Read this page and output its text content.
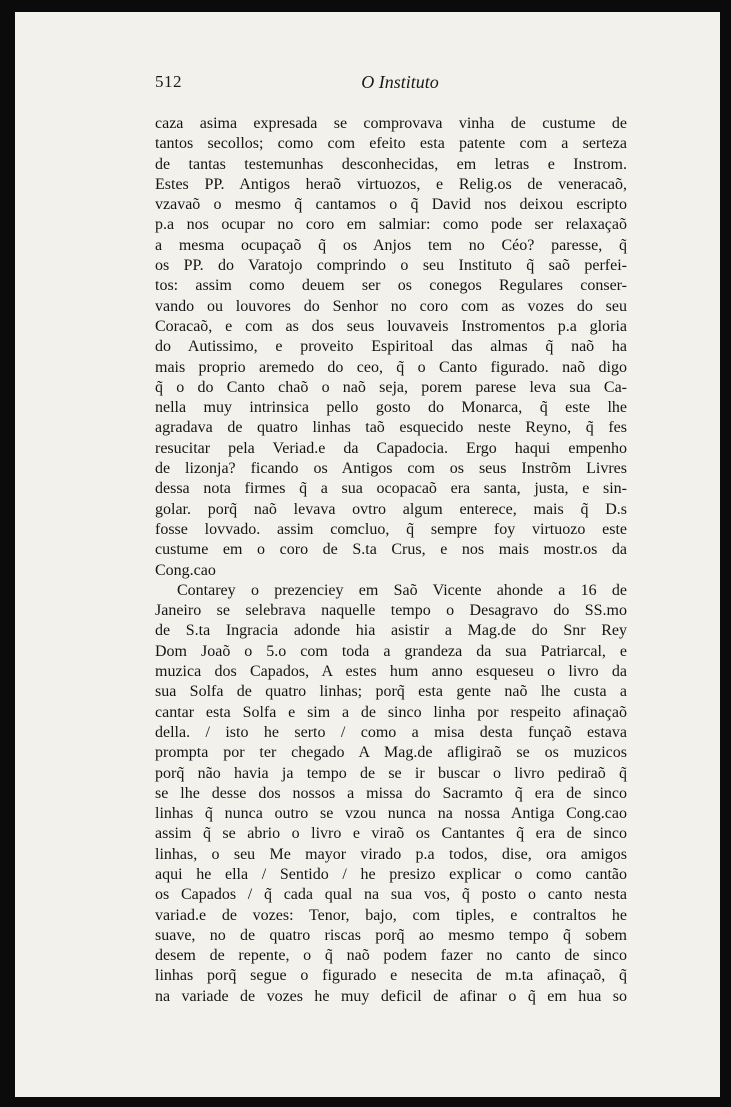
512	O Instituto
caza asima expresada se comprovava vinha de custume de
tantos secollos; como com efeito esta patente com a serteza
de tantas testemunhas desconhecidas, em letras e Instrom.
Estes PP. Antigos heraõ virtuozos, e Relig.os de veneracaõ,
vzavaõ o mesmo q̃ cantamos o q̃ David nos deixou escripto
p.a nos ocupar no coro em salmiar: como pode ser relaxaçaõ
a mesma ocupaçaõ q̃ os Anjos tem no Céo? paresse, q̃
os PP. do Varatojo comprindo o seu Instituto q̃ saõ perfei-
tos: assim como deuem ser os conegos Regulares conser-
vando ou louvores do Senhor no coro com as vozes do seu
Coracaõ, e com as dos seus louvaveis Instromentos p.a gloria
do Autissimo, e proveito Espiritoal das almas q̃ naõ ha
mais proprio aremedo do ceo, q̃ o Canto figurado. naõ digo
q̃ o do Canto chaõ o naõ seja, porem parese leva sua Ca-
nella muy intrinsica pello gosto do Monarca, q̃ este lhe
agradava de quatro linhas taõ esquecido neste Reyno, q̃ fes
resucitar pela Veriad.e da Capadocia. Ergo haqui empenho
de lizonja? ficando os Antigos com os seus Instrõm Livres
dessa nota firmes q̃ a sua ocopacaõ era santa, justa, e sin-
golar. porq̃ naõ levava ovtro algum enterece, mais q̃ D.s
fosse lovvado. assim comcluo, q̃ sempre foy virtuozo este
custume em o coro de S.ta Crus, e nos mais mostr.os da
Cong.cao
Contarey o prezenciey em Saõ Vicente ahonde a 16 de
Janeiro se selebrava naquelle tempo o Desagravo do SS.mo
de S.ta Ingracia adonde hia asistir a Mag.de do Snr Rey
Dom Joaõ o 5.o com toda a grandeza da sua Patriarcal, e
muzica dos Capados, A estes hum anno esqueseu o livro da
sua Solfa de quatro linhas; porq̃ esta gente naõ lhe custa a
cantar esta Solfa e sim a de sinco linha por respeito afinaçaõ
della. / isto he serto / como a misa desta funçaõ estava
prompta por ter chegado A Mag.de afligiraõ se os muzicos
porq̃ não havia ja tempo de se ir buscar o livro pediraõ q̃
se lhe desse dos nossos a missa do Sacramto q̃ era de sinco
linhas q̃ nunca outro se vzou nunca na nossa Antiga Cong.cao
assim q̃ se abrio o livro e viraõ os Cantantes q̃ era de sinco
linhas, o seu Me mayor virado p.a todos, dise, ora amigos
aqui he ella / Sentido / he presizo explicar o como cantão
os Capados / q̃ cada qual na sua vos, q̃ posto o canto nesta
variad.e de vozes: Tenor, bajo, com tiples, e contraltos he
suave, no de quatro riscas porq̃ ao mesmo tempo q̃ sobem
desem de repente, o q̃ naõ podem fazer no canto de sinco
linhas porq̃ segue o figurado e nesecita de m.ta afinaçaõ, q̃
na variade de vozes he muy deficil de afinar o q̃ em hua so
